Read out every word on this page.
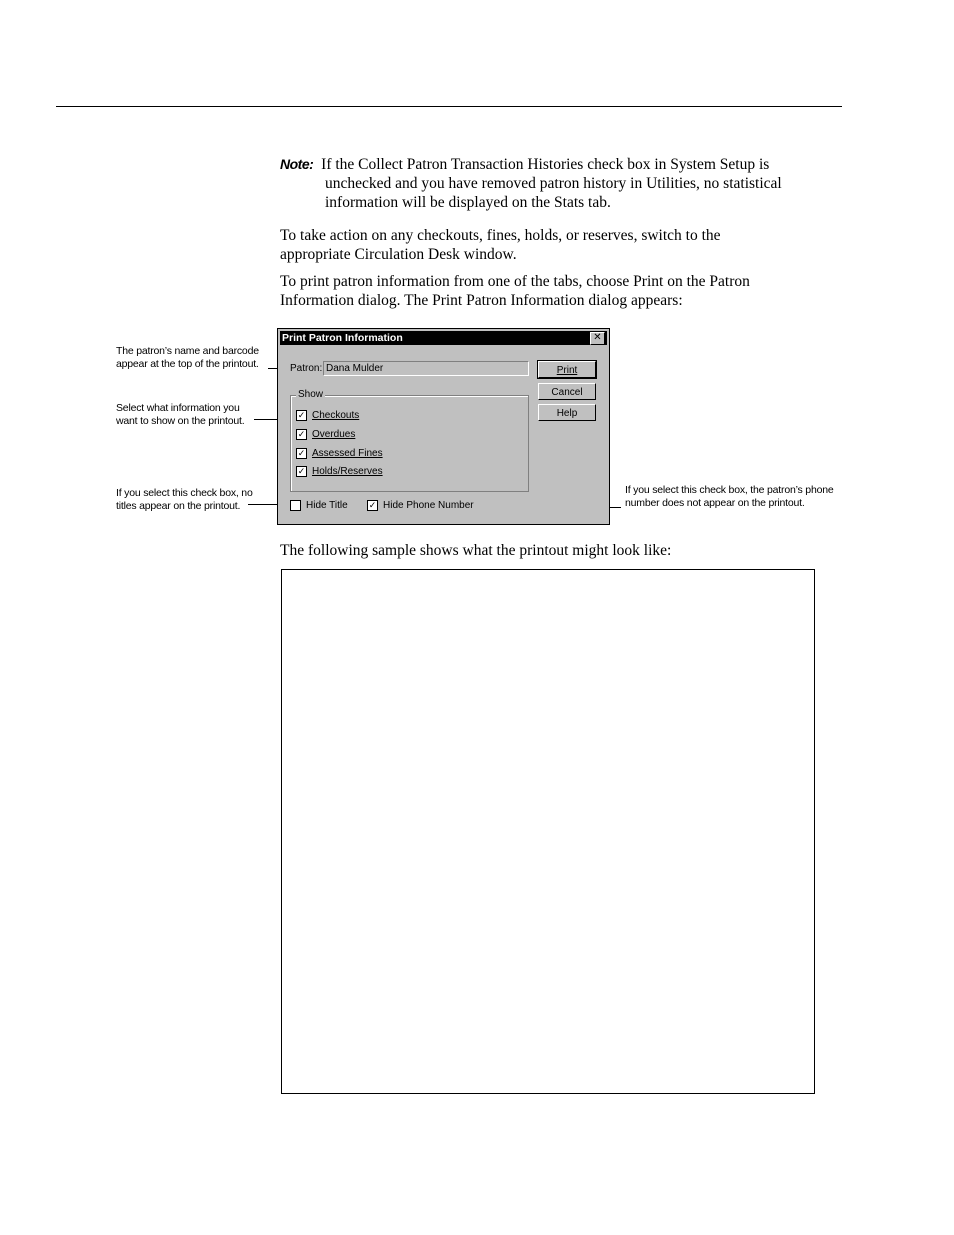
Note: If the Collect Patron Transaction Histories check box in System Setup is
unchecked and you have removed patron history in Utilities, no statistical
information will be displayed on the Stats tab.
To take action on any checkouts, fines, holds, or reserves, switch to the
appropriate Circulation Desk window.
To print patron information from one of the tabs, choose Print on the Patron
Information dialog. The Print Patron Information dialog appears:
The patron’s name and barcode
appear at the top of the printout.
Select what information you
want to show on the printout.
If you select this check box, no
titles appear on the printout.
If you select this check box, the patron’s phone
number does not appear on the printout.
Print Patron Information	✕
Patron: Dana Mulder	Print
Cancel
Help
Show
✓ Checkouts
✓ Overdues
✓ Assessed Fines
✓ Holds/Reserves
Hide Title ✓ Hide Phone Number
The following sample shows what the printout might look like:
